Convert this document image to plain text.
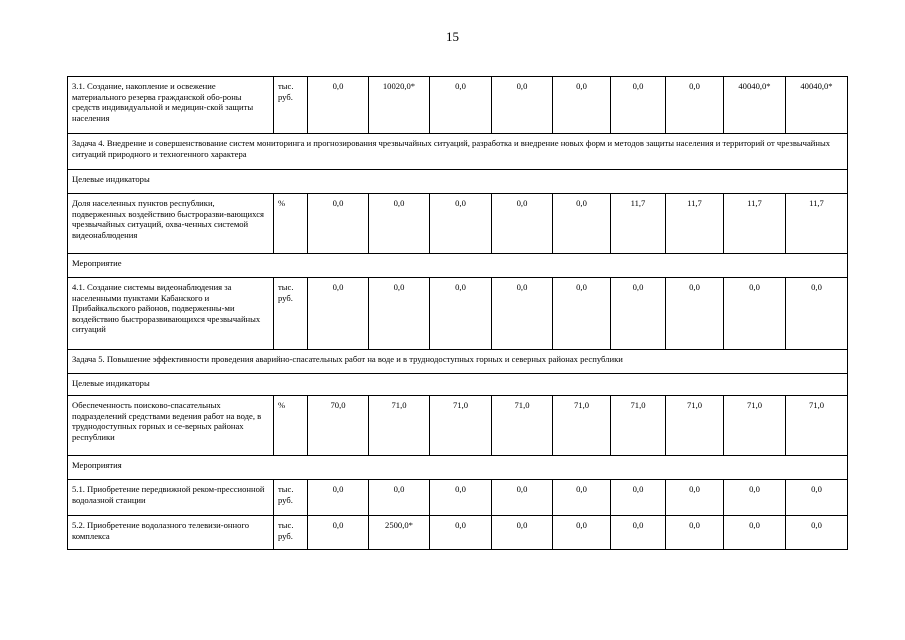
15
3.1. Создание, накопление и освежение материального резерва гражданской обо-роны средств индивидуальной и медицин-ской защиты населения	тыс. руб.	0,0	10020,0*	0,0	0,0	0,0	0,0	0,0	40040,0*	40040,0*
Задача 4. Внедрение и совершенствование систем мониторинга и прогнозирования чрезвычайных ситуаций, разработка и внедрение новых форм и методов защиты населения и территорий от чрезвычайных ситуаций природного и техногенного характера										
Целевые индикаторы										
Доля населенных пунктов республики, подверженных воздействию быстроразви-вающихся чрезвычайных ситуаций, охва-ченных системой видеонаблюдения	%	0,0	0,0	0,0	0,0	0,0	11,7	11,7	11,7	11,7
Мероприятие										
4.1. Создание системы видеонаблюдения за населенными пунктами Кабанского и Прибайкальского районов, подверженны-ми воздействию быстроразвивающихся чрезвычайных ситуаций	тыс. руб.	0,0	0,0	0,0	0,0	0,0	0,0	0,0	0,0	0,0
Задача 5. Повышение эффективности проведения аварийно-спасательных работ на воде и в труднодоступных горных и северных районах республики										
Целевые индикаторы										
Обеспеченность поисково-спасательных подразделений средствами ведения работ на воде, в труднодоступных горных и се-верных районах республики	%	70,0	71,0	71,0	71,0	71,0	71,0	71,0	71,0	71,0
Мероприятия										
5.1. Приобретение передвижной реком-прессионной водолазной станции	тыс. руб.	0,0	0,0	0,0	0,0	0,0	0,0	0,0	0,0	0,0
5.2. Приобретение водолазного телевизи-онного комплекса	тыс. руб.	0,0	2500,0*	0,0	0,0	0,0	0,0	0,0	0,0	0,0
